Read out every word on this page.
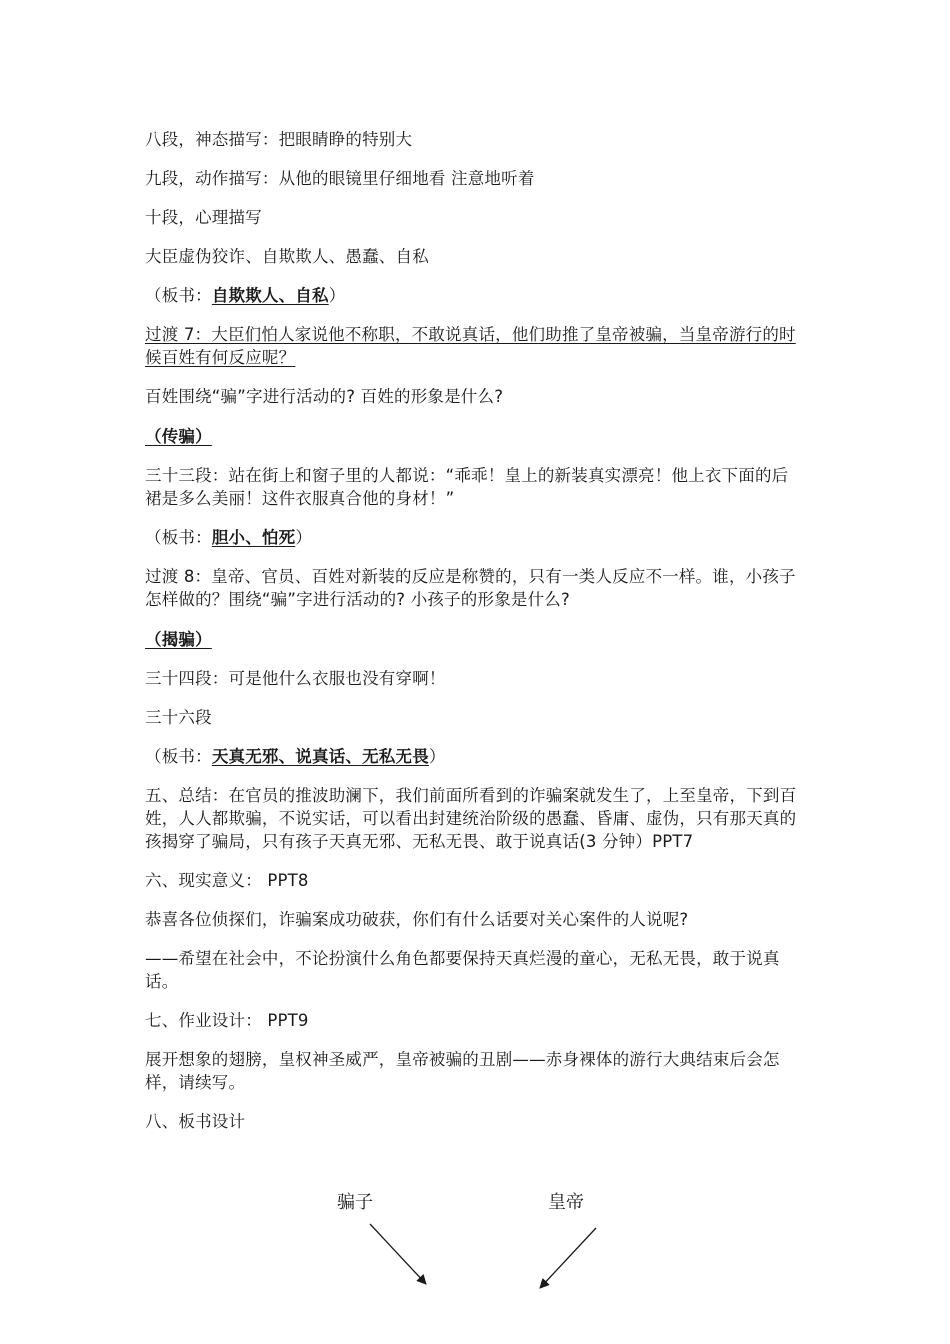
八段，神态描写：把眼睛睁的特别大

九段，动作描写：从他的眼镜里仔细地看 注意地听着

十段，心理描写

大臣虚伪狡诈、自欺欺人、愚蠢、自私

（板书：自欺欺人、自私）

过渡 7：大臣们怕人家说他不称职，不敢说真话，他们助推了皇帝被骗，当皇帝游行的时候百姓有何反应呢？

百姓围绕“骗”字进行活动的? 百姓的形象是什么?

（传骗）

三十三段：站在街上和窗子里的人都说：“乖乖！皇上的新装真实漂亮！他上衣下面的后裙是多么美丽！这件衣服真合他的身材！”

（板书：胆小、怕死）

过渡 8：皇帝、官员、百姓对新装的反应是称赞的，只有一类人反应不一样。谁，小孩子怎样做的？围绕“骗”字进行活动的? 小孩子的形象是什么?

（揭骗）

三十四段：可是他什么衣服也没有穿啊！

三十六段

（板书：天真无邪、说真话、无私无畏）

五、总结：在官员的推波助澜下，我们前面所看到的诈骗案就发生了，上至皇帝，下到百姓，人人都欺骗，不说实话，可以看出封建统治阶级的愚蠢、昏庸、虚伪，只有那天真的孩揭穿了骗局，只有孩子天真无邪、无私无畏、敢于说真话(3 分钟）PPT7

六、现实意义： PPT8

恭喜各位侦探们，诈骗案成功破获，你们有什么话要对关心案件的人说呢?

——希望在社会中，不论扮演什么角色都要保持天真烂漫的童心，无私无畏，敢于说真话。

七、作业设计： PPT9

展开想象的翅膀，皇权神圣威严，皇帝被骗的丑剧——赤身裸体的游行大典结束后会怎样，请续写。

八、板书设计

骗子	皇帝
